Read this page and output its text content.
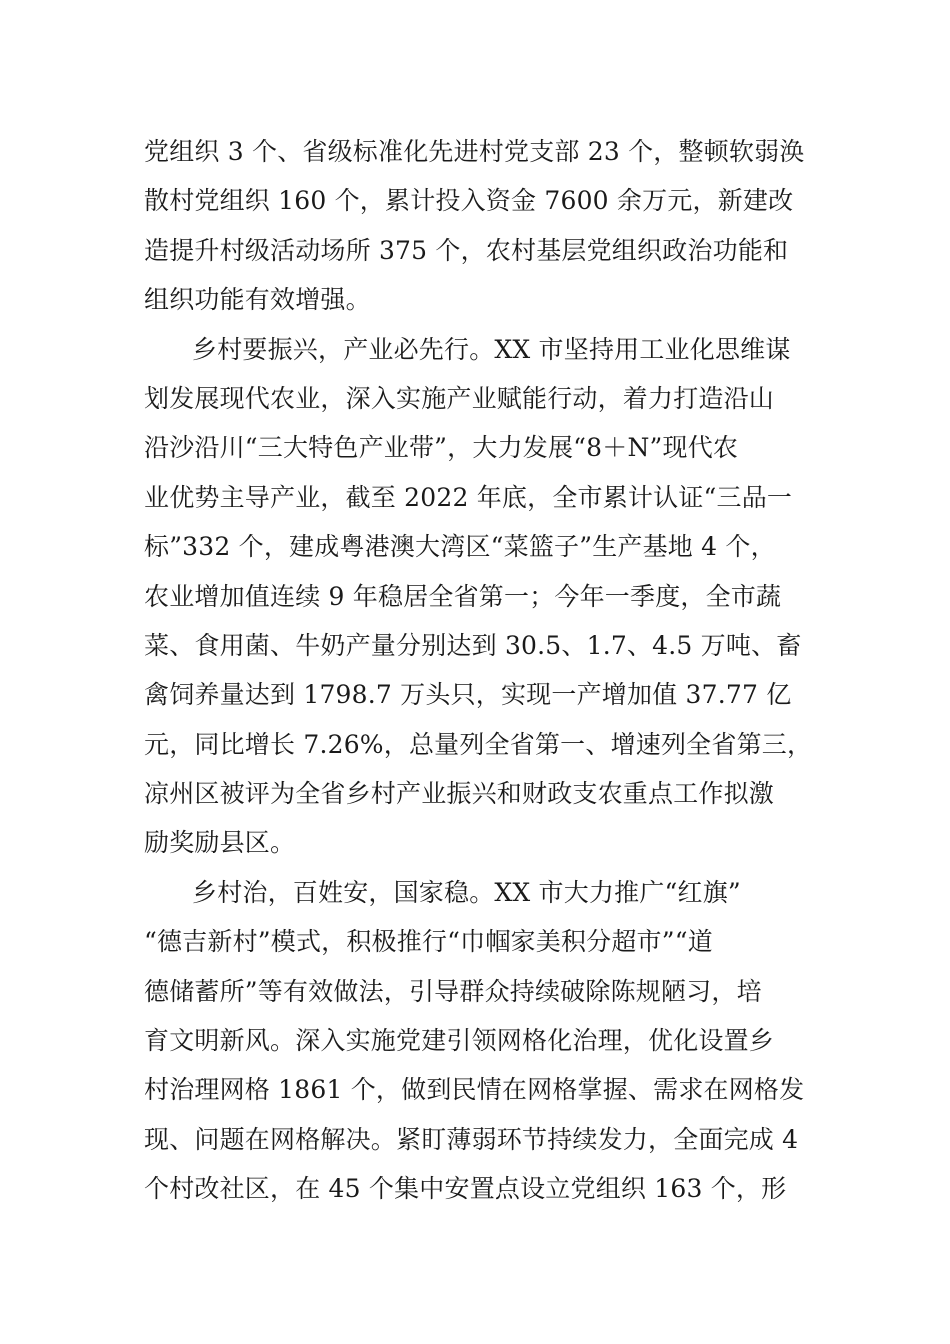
党组织 3 个、省级标准化先进村党支部 23 个，整顿软弱涣
散村党组织 160 个，累计投入资金 7600 余万元，新建改
造提升村级活动场所 375 个，农村基层党组织政治功能和
组织功能有效增强。
乡村要振兴，产业必先行。XX 市坚持用工业化思维谋
划发展现代农业，深入实施产业赋能行动，着力打造沿山
沿沙沿川“三大特色产业带”，大力发展“8＋N”现代农
业优势主导产业，截至 2022 年底，全市累计认证“三品一
标”332 个，建成粤港澳大湾区“菜篮子”生产基地 4 个，
农业增加值连续 9 年稳居全省第一；今年一季度，全市蔬
菜、食用菌、牛奶产量分别达到 30.5、1.7、4.5 万吨、畜
禽饲养量达到 1798.7 万头只，实现一产增加值 37.77 亿
元，同比增长 7.26%，总量列全省第一、增速列全省第三，
凉州区被评为全省乡村产业振兴和财政支农重点工作拟激
励奖励县区。
乡村治，百姓安，国家稳。XX 市大力推广“红旗”
“德吉新村”模式，积极推行“巾帼家美积分超市”“道
德储蓄所”等有效做法，引导群众持续破除陈规陋习，培
育文明新风。深入实施党建引领网格化治理，优化设置乡
村治理网格 1861 个，做到民情在网格掌握、需求在网格发
现、问题在网格解决。紧盯薄弱环节持续发力，全面完成 4
个村改社区，在 45 个集中安置点设立党组织 163 个，形
